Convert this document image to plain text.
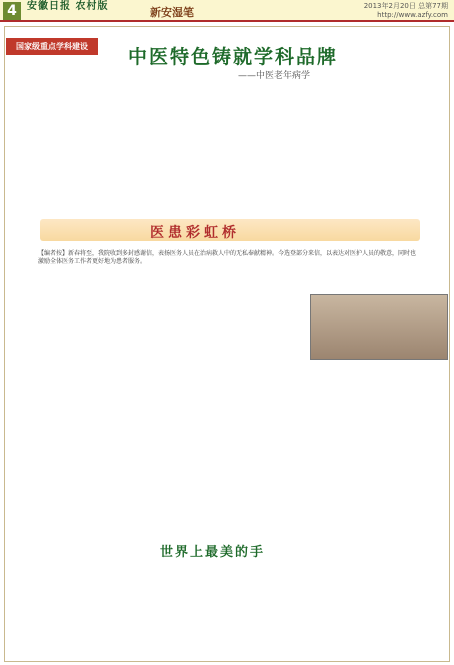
4	安徽日报 农村版	新安湿笔	2013年2月20日 总第77期
http://www.azfy.com
国家级重点学科建设	中医特色铸就学科品牌
——中医老年病学
医患彩虹桥
【编者按】新春将至，我院收到多封感谢信，表扬医务人员在治病救人中的无私奉献精神。今选登部分来信，以表达对医护人员的敬意，同时也激励全体医务工作者更好地为患者服务。
世界上最美的手
